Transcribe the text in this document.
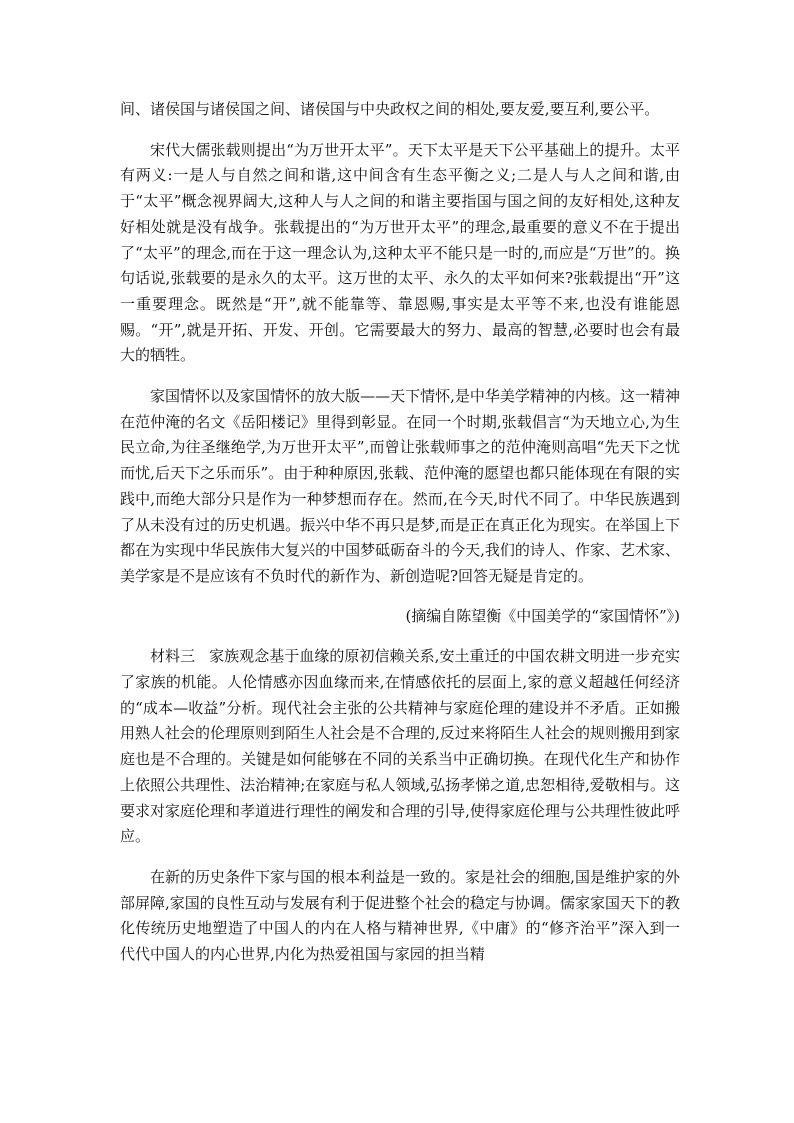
间、诸侯国与诸侯国之间、诸侯国与中央政权之间的相处,要友爱,要互利,要公平。

宋代大儒张载则提出“为万世开太平”。天下太平是天下公平基础上的提升。太平有两义:一是人与自然之间和谐,这中间含有生态平衡之义;二是人与人之间和谐,由于“太平”概念视界阔大,这种人与人之间的和谐主要指国与国之间的友好相处,这种友好相处就是没有战争。张载提出的“为万世开太平”的理念,最重要的意义不在于提出了“太平”的理念,而在于这一理念认为,这种太平不能只是一时的,而应是“万世”的。换句话说,张载要的是永久的太平。这万世的太平、永久的太平如何来?张载提出“开”这一重要理念。既然是“开”,就不能靠等、靠恩赐,事实是太平等不来,也没有谁能恩赐。“开”,就是开拓、开发、开创。它需要最大的努力、最高的智慧,必要时也会有最大的牺牲。

家国情怀以及家国情怀的放大版——天下情怀,是中华美学精神的内核。这一精神在范仲淹的名文《岳阳楼记》里得到彰显。在同一个时期,张载倡言“为天地立心,为生民立命,为往圣继绝学,为万世开太平”,而曾让张载师事之的范仲淹则高唱“先天下之忧而忧,后天下之乐而乐”。由于种种原因,张载、范仲淹的愿望也都只能体现在有限的实践中,而绝大部分只是作为一种梦想而存在。然而,在今天,时代不同了。中华民族遇到了从未没有过的历史机遇。振兴中华不再只是梦,而是正在真正化为现实。在举国上下都在为实现中华民族伟大复兴的中国梦砥砺奋斗的今天,我们的诗人、作家、艺术家、美学家是不是应该有不负时代的新作为、新创造呢?回答无疑是肯定的。

(摘编自陈望衡《中国美学的“家国情怀”》)

材料三 家族观念基于血缘的原初信赖关系,安土重迁的中国农耕文明进一步充实了家族的机能。人伦情感亦因血缘而来,在情感依托的层面上,家的意义超越任何经济的“成本—收益”分析。现代社会主张的公共精神与家庭伦理的建设并不矛盾。正如搬用熟人社会的伦理原则到陌生人社会是不合理的,反过来将陌生人社会的规则搬用到家庭也是不合理的。关键是如何能够在不同的关系当中正确切换。在现代化生产和协作上依照公共理性、法治精神;在家庭与私人领域,弘扬孝悌之道,忠恕相待,爱敬相与。这要求对家庭伦理和孝道进行理性的阐发和合理的引导,使得家庭伦理与公共理性彼此呼应。

在新的历史条件下家与国的根本利益是一致的。家是社会的细胞,国是维护家的外部屏障,家国的良性互动与发展有利于促进整个社会的稳定与协调。儒家家国天下的教化传统历史地塑造了中国人的内在人格与精神世界,《中庸》的“修齐治平”深入到一代代中国人的内心世界,内化为热爱祖国与家园的担当精
